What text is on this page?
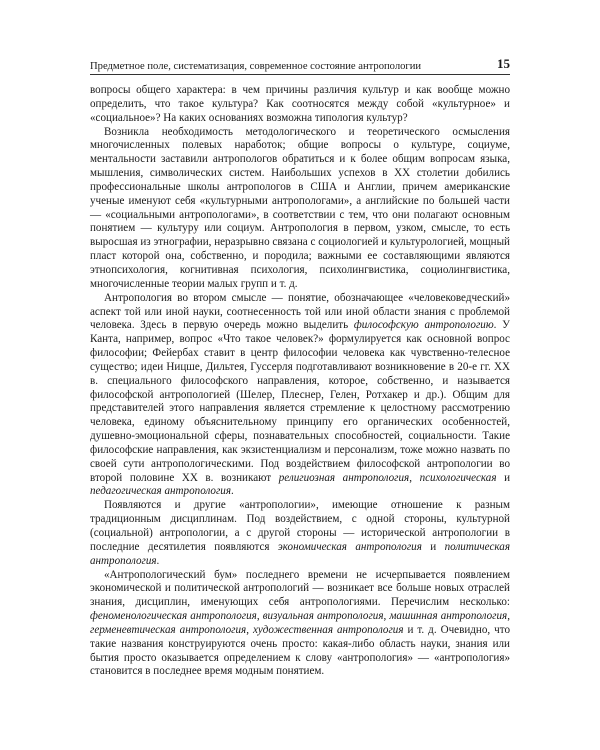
Предметное поле, систематизация, современное состояние антропологии	15

вопросы общего характера: в чем причины различия культур и как вообще можно определить, что такое культура? Как соотносятся между собой «культурное» и «социальное»? На каких основаниях возможна типология культур?

Возникла необходимость методологического и теоретического осмысления многочисленных полевых наработок; общие вопросы о культуре, социуме, ментальности заставили антропологов обратиться и к более общим вопросам языка, мышления, символических систем. Наибольших успехов в XX столетии добились профессиональные школы антропологов в США и Англии, причем американские ученые именуют себя «культурными антропологами», а английские по большей части — «социальными антропологами», в соответствии с тем, что они полагают основным понятием — культуру или социум. Антропология в первом, узком, смысле, то есть выросшая из этнографии, неразрывно связана с социологией и культурологией, мощный пласт которой она, собственно, и породила; важными ее составляющими являются этнопсихология, когнитивная психология, психолингвистика, социолингвистика, многочисленные теории малых групп и т. д.

Антропология во втором смысле — понятие, обозначающее «человековедческий» аспект той или иной науки, соотнесенность той или иной области знания с проблемой человека. Здесь в первую очередь можно выделить философскую антропологию. У Канта, например, вопрос «Что такое человек?» формулируется как основной вопрос философии; Фейербах ставит в центр философии человека как чувственно-телесное существо; идеи Ницше, Дильтея, Гуссерля подготавливают возникновение в 20-е гг. XX в. специального философского направления, которое, собственно, и называется философской антропологией (Шелер, Плеснер, Гелен, Ротхакер и др.). Общим для представителей этого направления является стремление к целостному рассмотрению человека, единому объяснительному принципу его органических особенностей, душевно-эмоциональной сферы, познавательных способностей, социальности. Такие философские направления, как экзистенциализм и персонализм, тоже можно назвать по своей сути антропологическими. Под воздействием философской антропологии во второй половине XX в. возникают религиозная антропология, психологическая и педагогическая антропология.

Появляются и другие «антропологии», имеющие отношение к разным традиционным дисциплинам. Под воздействием, с одной стороны, культурной (социальной) антропологии, а с другой стороны — исторической антропологии в последние десятилетия появляются экономическая антропология и политическая антропология.

«Антропологический бум» последнего времени не исчерпывается появлением экономической и политической антропологий — возникает все больше новых отраслей знания, дисциплин, именующих себя антропологиями. Перечислим несколько: феноменологическая антропология, визуальная антропология, машинная антропология, герменевтическая антропология, художественная антропология и т. д. Очевидно, что такие названия конструируются очень просто: какая-либо область науки, знания или бытия просто оказывается определением к слову «антропология» — «антропология» становится в последнее время модным понятием.
